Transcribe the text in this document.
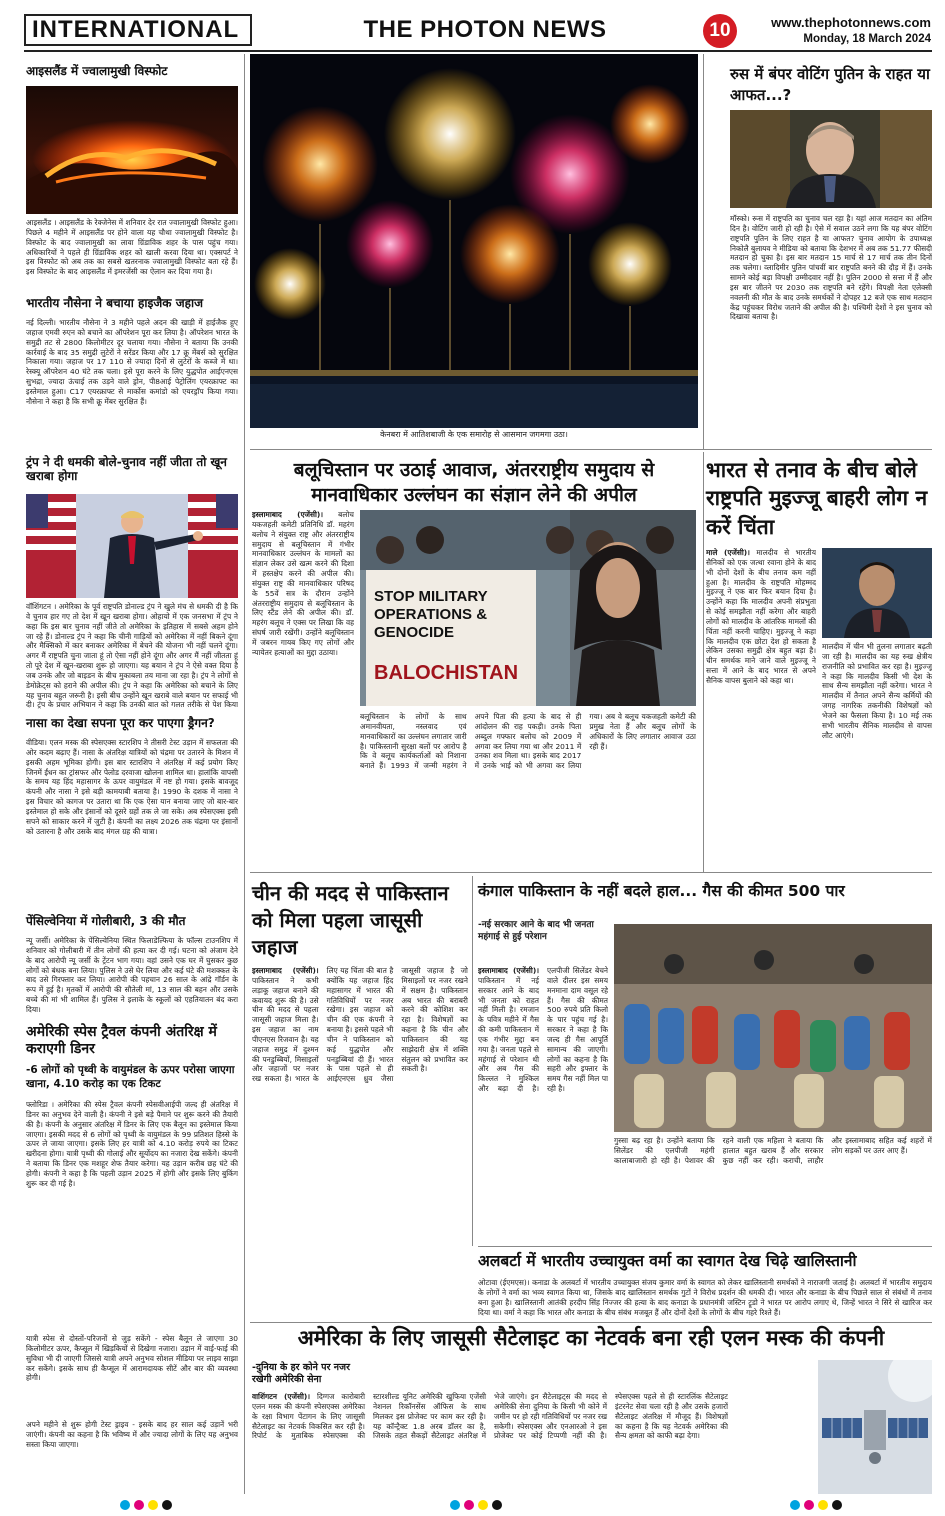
INTERNATIONAL	THE PHOTON NEWS	10	www.thephotonnews.com
Monday, 18 March 2024
आइसलैंड में ज्वालामुखी विस्फोट
आइसलैंड । आइसलैंड के रेक्जेनेस में शनिवार देर रात ज्वालामुखी विस्फोट हुआ। पिछले 4 महीने में आइसलैंड पर होने वाला यह चौथा ज्वालामुखी विस्फोट है। विस्फोट के बाद ज्वालामुखी का लावा ग्रिंडाविक शहर के पास पहुंच गया। अधिकारियों ने पहले ही ग्रिंडाविक शहर को खाली करवा दिया था। एक्सपर्ट ने इस विस्फोट को अब तक का सबसे खतरनाक ज्वालामुखी विस्फोट बता रहे हैं। इस विस्फोट के बाद आइसलैंड में इमरजेंसी का ऐलान कर दिया गया है।
भारतीय नौसेना ने बचाया हाइजैक जहाज
नई दिल्ली। भारतीय नौसेना ने 3 महीने पहले अदन की खाड़ी में हाईजैक हुए जहाज एमवी रुएन को बचाने का ऑपरेशन पूरा कर लिया है। ऑपरेशन भारत के समुद्री तट से 2800 किलोमीटर दूर चलाया गया। नौसेना ने बताया कि उनकी कार्रवाई के बाद 35 समुद्री लुटेरों ने सरेंडर किया और 17 क्रू मेंबर्स को सुरक्षित निकाला गया। जहाज पर 17 110 से ज्यादा दिनों से लुटेरों के कब्जे में था। रेस्क्यू ऑपरेशन 40 घंटे तक चला। इसे पूरा करने के लिए युद्धपोत आईएनएस सुभद्रा, ज्यादा ऊंचाई तक उड़ने वाले ड्रोन, पी8आई पेट्रोलिंग एयरक्राफ्ट का इस्तेमाल हुआ। C17 एयरक्राफ्ट से मार्कोस कमांडो को एयरड्रॉप किया गया। नौसेना ने कहा है कि सभी क्रू मेंबर सुरक्षित हैं।
ट्रंप ने दी धमकी बोले-चुनाव नहीं जीता तो खून खराबा होगा
वॉशिंगटन । अमेरिका के पूर्व राष्ट्रपति डोनाल्ड ट्रंप ने खुले मंच से धमकी दी है कि वे चुनाव हार गए तो देश में खून खराबा होगा। ओहायो में एक जनसभा में ट्रंप ने कहा कि इस बार चुनाव नहीं जीते तो अमेरिका के इतिहास में सबसे अहम होने जा रहे हैं। डोनाल्ड ट्रंप ने कहा कि चीनी गाड़ियों को अमेरिका में नहीं बिकने दूंगा और मैक्सिको में कार बनाकर अमेरिका में बेचने की योजना भी नहीं चलने दूंगा। अगर मैं राष्ट्रपति चुना जाता हूं तो ऐसा नहीं होने दूंगा और अगर मैं नहीं जीतता हूं तो पूरे देश में खून-खराबा शुरू हो जाएगा। यह बयान ने ट्रंप ने ऐसे वक्त दिया है जब उनके और जो बाइडन के बीच मुकाबला तय माना जा रहा है। ट्रंप ने लोगों से डेमोक्रेट्स को हराने की अपील की। ट्रंप ने कहा कि अमेरिका को बचाने के लिए यह चुनाव बहुत जरूरी है। इसी बीच उन्होंने खून खराबे वाले बयान पर सफाई भी दी। ट्रंप के प्रचार अभियान ने कहा कि उनकी बात को गलत तरीके से पेश किया
नासा का देखा सपना पूरा कर पाएगा ड्रैगन?
वीडिया। एलन मस्क की स्पेसएक्स स्टारशिप ने तीसरी टेस्ट उड़ान में सफलता की ओर कदम बढ़ाए हैं। नासा के अंतरिक्ष यात्रियों को चंद्रमा पर उतारने के मिशन में इसकी अहम भूमिका होगी। इस बार स्टारशिप ने अंतरिक्ष में कई प्रयोग किए जिनमें ईंधन का ट्रांसफर और पेलोड दरवाजा खोलना शामिल था। हालांकि वापसी के समय यह हिंद महासागर के ऊपर वायुमंडल में नष्ट हो गया। इसके बावजूद कंपनी और नासा ने इसे बड़ी कामयाबी बताया है। 1990 के दशक में नासा ने इस विचार को कागज पर उतारा था कि एक ऐसा यान बनाया जाए जो बार-बार इस्तेमाल हो सके और इंसानों को दूसरे ग्रहों तक ले जा सके। अब स्पेसएक्स इसी सपने को साकार करने में जुटी है। कंपनी का लक्ष्य 2026 तक चंद्रमा पर इंसानों को उतारना है और उसके बाद मंगल ग्रह की यात्रा।
पेंसिल्वेनिया में गोलीबारी, 3 की मौत
न्यू जर्सी। अमेरिका के पेंसिल्वेनिया स्थित फिलाडेल्फिया के फॉल्स टाउनशिप में शनिवार को गोलीबारी में तीन लोगों की हत्या कर दी गई। घटना को अंजाम देने के बाद आरोपी न्यू जर्सी के ट्रेंटन भाग गया। वहां उसने एक घर में घुसकर कुछ लोगों को बंधक बना लिया। पुलिस ने उसे घेर लिया और कई घंटे की मशक्कत के बाद उसे गिरफ्तार कर लिया। आरोपी की पहचान 26 साल के आंद्रे गॉर्डन के रूप में हुई है। मृतकों में आरोपी की सौतेली मां, 13 साल की बहन और उसके बच्चे की मां भी शामिल हैं। पुलिस ने इलाके के स्कूलों को एहतियातन बंद करा दिया।
अमेरिकी स्पेस ट्रैवल कंपनी अंतरिक्ष में कराएगी डिनर
-6 लोगों को पृथ्वी के वायुमंडल के ऊपर परोसा जाएगा खाना, 4.10 करोड़ का एक टिकट
फ्लोरिडा । अमेरिका की स्पेस ट्रैवल कंपनी स्पेसवीआईपी जल्द ही अंतरिक्ष में डिनर का अनुभव देने वाली है। कंपनी ने इसे बड़े पैमाने पर शुरू करने की तैयारी की है। कंपनी के अनुसार अंतरिक्ष में डिनर के लिए एक बैलून का इस्तेमाल किया जाएगा। इसकी मदद से 6 लोगों को पृथ्वी के वायुमंडल के 99 प्रतिशत हिस्से के ऊपर ले जाया जाएगा। इसके लिए हर यात्री को 4.10 करोड़ रुपये का टिकट खरीदना होगा। यात्री पृथ्वी की गोलाई और सूर्योदय का नजारा देख सकेंगे। कंपनी ने बताया कि डिनर एक मशहूर शेफ तैयार करेगा। यह उड़ान करीब छह घंटे की होगी। कंपनी ने कहा है कि पहली उड़ान 2025 में होगी और इसके लिए बुकिंग शुरू कर दी गई है।
यात्री स्पेस से दोस्तों-परिजनों से जुड़ सकेंगे - स्पेस बैलून ले जाएगा 30 किलोमीटर ऊपर, कैप्सूल में खिड़कियों से दिखेगा नजारा। उड़ान में वाई-फाई की सुविधा भी दी जाएगी जिससे यात्री अपने अनुभव सोशल मीडिया पर लाइव साझा कर सकेंगे। इसके साथ ही कैप्सूल में आरामदायक सीटें और बार की व्यवस्था होगी।
अपने महीने से शुरू होगी टेस्ट ड्राइव - इसके बाद हर साल कई उड़ानें भरी जाएंगी। कंपनी का कहना है कि भविष्य में और ज्यादा लोगों के लिए यह अनुभव सस्ता किया जाएगा।
केनबरा में आतिशबाजी के एक समारोह से आसमान जगमगा उठा।
बलूचिस्तान पर उठाई आवाज, अंतरराष्ट्रीय समुदाय से मानवाधिकार उल्लंघन का संज्ञान लेने की अपील
इस्लामाबाद (एजेंसी)। बलोच यकजहती कमेटी प्रतिनिधि डॉ. महरंग बलोच ने संयुक्त राष्ट्र और अंतरराष्ट्रीय समुदाय से बलूचिस्तान में गंभीर मानवाधिकार उल्लंघन के मामलों का संज्ञान लेकर उसे खत्म करने की दिशा में हस्तक्षेप करने की अपील की। संयुक्त राष्ट्र की मानवाधिकार परिषद के 55वें सत्र के दौरान उन्होंने अंतरराष्ट्रीय समुदाय से बलूचिस्तान के लिए स्टैंड लेने की अपील की। डॉ. महरंग बलूच ने एक्स पर लिखा कि वह संघर्ष जारी रखेंगी। उन्होंने बलूचिस्तान में जबरन गायब किए गए लोगों और न्यायेतर हत्याओं का मुद्दा उठाया।
STOP MILITARY OPERATIONS & GENOCIDE
BALOCHISTAN
बलूचिस्तान के लोगों के साथ अमानवीयता, नस्लवाद एवं मानवाधिकारों का उल्लंघन लगातार जारी है। पाकिस्तानी सुरक्षा बलों पर आरोप है कि वे बलूच कार्यकर्ताओं को निशाना बनाते हैं। 1993 में जन्मी महरंग ने अपने पिता की हत्या के बाद से ही आंदोलन की राह पकड़ी। उनके पिता अब्दुल गफ्फार बलोच को 2009 में अगवा कर लिया गया था और 2011 में उनका शव मिला था। इसके बाद 2017 में उनके भाई को भी अगवा कर लिया गया। अब वे बलूच यकजहती कमेटी की प्रमुख नेता हैं और बलूच लोगों के अधिकारों के लिए लगातार आवाज उठा रही हैं।
रुस में बंपर वोटिंग पुतिन के राहत या आफत...?
मॉस्को। रूस में राष्ट्रपति का चुनाव चल रहा है। यहां आज मतदान का अंतिम दिन है। वोटिंग जारी हो रही है। ऐसे में सवाल उठने लगा कि यह बंपर वोटिंग राष्ट्रपति पुतिन के लिए राहत है या आफत? चुनाव आयोग के उपाध्यक्ष निकोलै बुलायव ने मीडिया को बताया कि देशभर में अब तक 51.77 फीसदी मतदान हो चुका है। इस बार मतदान 15 मार्च से 17 मार्च तक तीन दिनों तक चलेगा। व्लादिमीर पुतिन पांचवीं बार राष्ट्रपति बनने की दौड़ में हैं। उनके सामने कोई बड़ा विपक्षी उम्मीदवार नहीं है। पुतिन 2000 से सत्ता में हैं और इस बार जीतने पर 2030 तक राष्ट्रपति बने रहेंगे। विपक्षी नेता एलेक्सी नवलनी की मौत के बाद उनके समर्थकों ने दोपहर 12 बजे एक साथ मतदान केंद्र पहुंचकर विरोध जताने की अपील की है। पश्चिमी देशों ने इस चुनाव को दिखावा बताया है।
भारत से तनाव के बीच बोले राष्ट्रपति मुइज्जू बाहरी लोग न करें चिंता
माले (एजेंसी)। मालदीव से भारतीय सैनिकों को एक जत्था रवाना होने के बाद भी दोनों देशों के बीच तनाव कम नहीं हुआ है। मालदीव के राष्ट्रपति मोहम्मद मुइज्जू ने एक बार फिर बयान दिया है। उन्होंने कहा कि मालदीव अपनी संप्रभुता से कोई समझौता नहीं करेगा और बाहरी लोगों को मालदीव के आंतरिक मामलों की चिंता नहीं करनी चाहिए। मुइज्जू ने कहा कि मालदीव एक छोटा देश हो सकता है लेकिन उसका समुद्री क्षेत्र बहुत बड़ा है। चीन समर्थक माने जाने वाले मुइज्जू ने सत्ता में आने के बाद भारत से अपने सैनिक वापस बुलाने को कहा था।
मालदीव में चीन भी तुलना लगातार बढ़ती जा रही है। मालदीव का यह रुख क्षेत्रीय राजनीति को प्रभावित कर रहा है। मुइज्जू ने कहा कि मालदीव किसी भी देश के साथ सैन्य समझौता नहीं करेगा। भारत ने मालदीव में तैनात अपने सैन्य कर्मियों की जगह नागरिक तकनीकी विशेषज्ञों को भेजने का फैसला किया है। 10 मई तक सभी भारतीय सैनिक मालदीव से वापस लौट आएंगे।
चीन की मदद से पाकिस्तान को मिला पहला जासूसी जहाज
इस्लामाबाद (एजेंसी)। पाकिस्तान ने कभी लड़ाकू जहाज बनाने की कवायद शुरू की है। उसे चीन की मदद से पहला जासूसी जहाज मिला है। इस जहाज का नाम पीएनएस रिजवान है। यह जहाज समुद्र में दुश्मन की पनडुब्बियों, मिसाइलों और जहाजों पर नजर रख सकता है। भारत के लिए यह चिंता की बात है क्योंकि यह जहाज हिंद महासागर में भारत की गतिविधियों पर नजर रखेगा। इस जहाज को चीन की एक कंपनी ने बनाया है। इससे पहले भी चीन ने पाकिस्तान को कई युद्धपोत और पनडुब्बियां दी हैं। भारत के पास पहले से ही आईएनएस ध्रुव जैसा जासूसी जहाज है जो मिसाइलों पर नजर रखने में सक्षम है। पाकिस्तान अब भारत की बराबरी करने की कोशिश कर रहा है। विशेषज्ञों का कहना है कि चीन और पाकिस्तान की यह साझेदारी क्षेत्र में शक्ति संतुलन को प्रभावित कर सकती है।
कंगाल पाकिस्तान के नहीं बदले हाल... गैस की कीमत 500 पार
-नई सरकार आने के बाद भी जनता महंगाई से हुई परेशान
इस्लामाबाद (एजेंसी)। पाकिस्तान में नई सरकार आने के बाद भी जनता को राहत नहीं मिली है। रमजान के पवित्र महीने में गैस की कमी पाकिस्तान में एक गंभीर मुद्दा बन गया है। जनता पहले से महंगाई से परेशान थी और अब गैस की किल्लत ने मुश्किल और बढ़ा दी है। एलपीजी सिलेंडर बेचने वाले दीलर इस समय मनमाना दाम वसूल रहे हैं। गैस की कीमत 500 रुपये प्रति किलो के पार पहुंच गई है। सरकार ने कहा है कि जल्द ही गैस आपूर्ति सामान्य की जाएगी। लोगों का कहना है कि सहरी और इफ्तार के समय गैस नहीं मिल पा रही है।
गुस्सा बढ़ रहा है। उन्होंने बताया कि सिलेंडर की एलपीजी महंगी कालाबाजारी हो रही है। पेशावर की रहने वाली एक महिला ने बताया कि हालात बहुत खराब हैं और सरकार कुछ नहीं कर रही। कराची, लाहौर और इस्लामाबाद सहित कई शहरों में लोग सड़कों पर उतर आए हैं।
अलबर्टा में भारतीय उच्चायुक्त वर्मा का स्वागत देख चिढ़े खालिस्तानी
ओटावा (ईएमएस)। कनाडा के अलबर्टा में भारतीय उच्चायुक्त संजय कुमार वर्मा के स्वागत को लेकर खालिस्तानी समर्थकों ने नाराजगी जताई है। अलबर्टा में भारतीय समुदाय के लोगों ने वर्मा का भव्य स्वागत किया था, जिसके बाद खालिस्तान समर्थक गुटों ने विरोध प्रदर्शन की धमकी दी। भारत और कनाडा के बीच पिछले साल से संबंधों में तनाव बना हुआ है। खालिस्तानी आतंकी हरदीप सिंह निज्जर की हत्या के बाद कनाडा के प्रधानमंत्री जस्टिन ट्रूडो ने भारत पर आरोप लगाए थे, जिन्हें भारत ने सिरे से खारिज कर दिया था। वर्मा ने कहा कि भारत और कनाडा के बीच संबंध मजबूत हैं और दोनों देशों के लोगों के बीच गहरे रिश्ते हैं।
अमेरिका के लिए जासूसी सैटेलाइट का नेटवर्क बना रही एलन मस्क की कंपनी
-दुनिया के हर कोने पर नजर रखेगी अमेरिकी सेना
वाशिंगटन (एजेंसी)। दिग्गज कारोबारी एलन मस्क की कंपनी स्पेसएक्स अमेरिका के रक्षा विभाग पेंटागन के लिए जासूसी सैटेलाइट का नेटवर्क विकसित कर रही है। रिपोर्ट के मुताबिक स्पेसएक्स की स्टारशील्ड यूनिट अमेरिकी खुफिया एजेंसी नेशनल रिकॉनसेंस ऑफिस के साथ मिलकर इस प्रोजेक्ट पर काम कर रही है। यह कॉन्ट्रैक्ट 1.8 अरब डॉलर का है, जिसके तहत सैकड़ों सैटेलाइट अंतरिक्ष में भेजे जाएंगे। इन सैटेलाइट्स की मदद से अमेरिकी सेना दुनिया के किसी भी कोने में जमीन पर हो रही गतिविधियों पर नजर रख सकेगी। स्पेसएक्स और एनआरओ ने इस प्रोजेक्ट पर कोई टिप्पणी नहीं की है। स्पेसएक्स पहले से ही स्टारलिंक सैटेलाइट इंटरनेट सेवा चला रही है और उसके हजारों सैटेलाइट अंतरिक्ष में मौजूद हैं। विशेषज्ञों का कहना है कि यह नेटवर्क अमेरिका की सैन्य क्षमता को काफी बढ़ा देगा।
